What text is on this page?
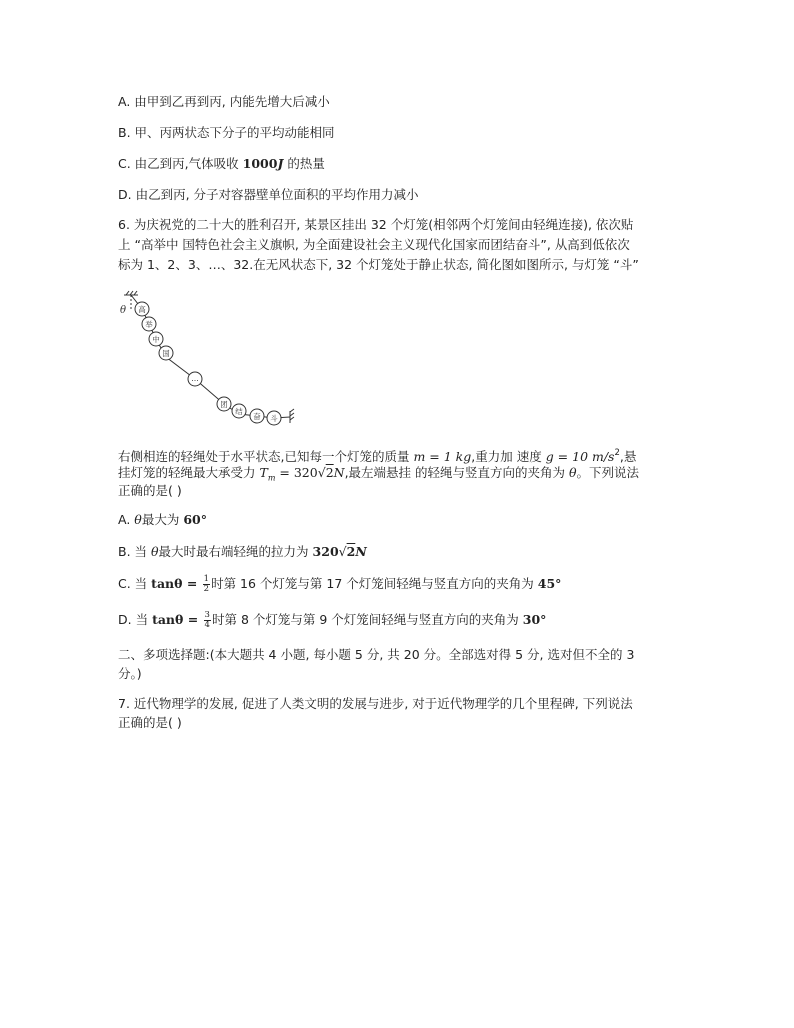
A. 由甲到乙再到丙, 内能先增大后减小
B. 甲、丙两状态下分子的平均动能相同
C. 由乙到丙,气体吸收 1000J 的热量
D. 由乙到丙, 分子对容器壁单位面积的平均作用力减小
6. 为庆祝党的二十大的胜利召开, 某景区挂出 32 个灯笼(相邻两个灯笼间由轻绳连接), 依次贴
上 “高举中 国特色社会主义旗帜, 为全面建设社会主义现代化国家而团结奋斗”, 从高到低依次
标为 1、2、3、…、32.在无风状态下, 32 个灯笼处于静止状态, 简化图如图所示, 与灯笼 “斗”
θ 高
举
中
国
…
团
结
奋 斗
右侧相连的轻绳处于水平状态,已知每一个灯笼的质量 m = 1 kg,重力加 速度 g = 10 $m/s^2$,悬
挂灯笼的轻绳最大承受力 $T_m = 320√2N$,最左端悬挂 的轻绳与竖直方向的夹角为 θ。下列说法
正确的是( )
A. θ最大为 60°
B. 当 θ最大时最右端轻绳的拉力为 320√2N
C. 当 $\tan\theta = \frac{1}{2}$ 时第 16 个灯笼与第 17 个灯笼间轻绳与竖直方向的夹角为 45°
D. 当 $\tan\theta = \frac{3}{4}$ 时第 8 个灯笼与第 9 个灯笼间轻绳与竖直方向的夹角为 30°
二、多项选择题:(本大题共 4 小题, 每小题 5 分, 共 20 分。全部选对得 5 分, 选对但不全的 3
分。)
7. 近代物理学的发展, 促进了人类文明的发展与进步, 对于近代物理学的几个里程碑, 下列说法
正确的是( )
